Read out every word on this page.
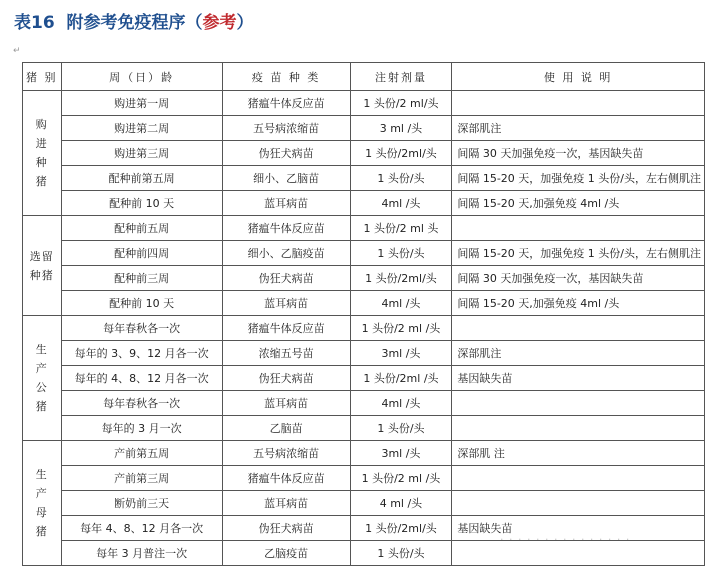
表16 附参考免疫程序（参考）
↵
猪 别	周（日）龄	疫 苗 种 类	注射剂量	使 用 说 明
购
进
种
猪	购进第一周	猪瘟牛体反应苗	1 头份/2 ml/头	
	购进第二周	五号病浓缩苗	3 ml /头	深部肌注
	购进第三周	伪狂犬病苗	1 头份/2ml/头	间隔 30 天加强免疫一次，基因缺失苗
	配种前第五周	细小、乙脑苗	1 头份/头	间隔 15-20 天，加强免疫 1 头份/头，左右侧肌注
	配种前 10 天	蓝耳病苗	4ml /头	间隔 15-20 天,加强免疫 4ml /头
选留
种猪	配种前五周	猪瘟牛体反应苗	1 头份/2 ml 头	
	配种前四周	细小、乙脑疫苗	1 头份/头	间隔 15-20 天，加强免疫 1 头份/头，左右侧肌注
	配种前三周	伪狂犬病苗	1 头份/2ml/头	间隔 30 天加强免疫一次，基因缺失苗
	配种前 10 天	蓝耳病苗	4ml /头	间隔 15-20 天,加强免疫 4ml /头
生
产
公
猪	每年春秋各一次	猪瘟牛体反应苗	1 头份/2 ml /头	
	每年的 3、9、12 月各一次	浓缩五号苗	3ml /头	深部肌注
	每年的 4、8、12 月各一次	伪狂犬病苗	1 头份/2ml /头	基因缺失苗
	每年春秋各一次	蓝耳病苗	4ml /头	
	每年的 3 月一次	乙脑苗	1 头份/头	
生
产
母
猪	产前第五周	五号病浓缩苗	3ml /头	深部肌 注
	产前第三周	猪瘟牛体反应苗	1 头份/2 ml /头	
	断奶前三天	蓝耳病苗	4 ml /头	
	每年 4、8、12 月各一次	伪狂犬病苗	1 头份/2ml/头	基因缺失苗
	每年 3 月普注一次	乙脑疫苗	1 头份/头	
· · · · · · · · · · · · · · ·
